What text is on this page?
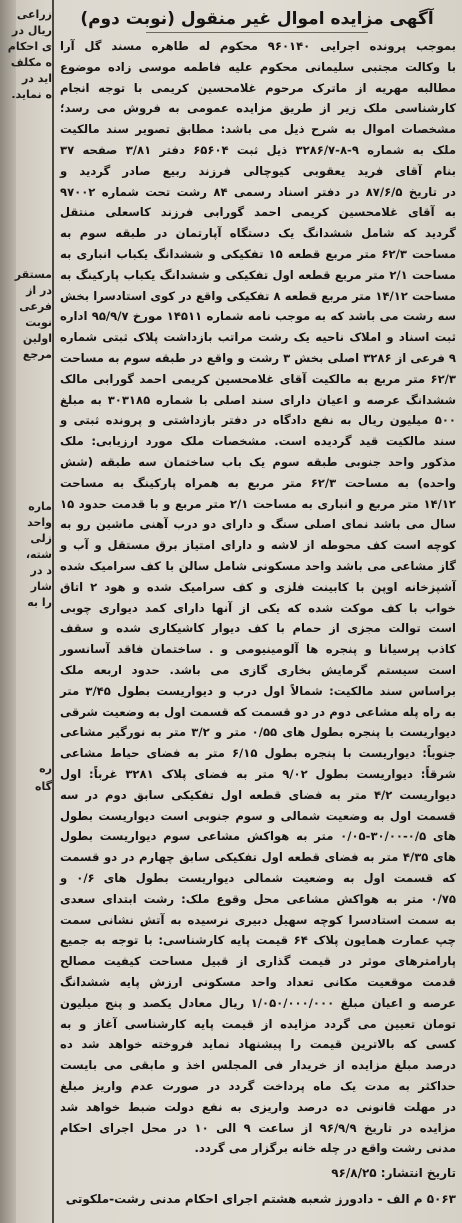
زراعی
ریال در
ی احکام
ه مکلف
اید در
ه نماید.
مستقر
در از
فرعی
نوبت
اولین
مرجع
ماره
واحد
زلی
شته،
د در
شار
را به
ره
گاه
آگهی مزایده اموال غیر منقول (نوبت دوم)
بموجب پرونده اجرایی ۹۶۰۱۴۰ محکوم له طاهره مسند گل آرا
با وکالت مجتبی سلیمانی محکوم علیه فاطمه موسی زاده موضوع
مطالبه مهریه از ماترک مرحوم غلامحسین کریمی با توجه انجام
کارشناسی ملک زیر از طریق مزایده عمومی به فروش می رسد؛
مشخصات اموال به شرح ذیل می باشد: مطابق تصویر سند مالکیت
ملک به شماره ۹-۸-۳۲۸۶/۷ ذیل ثبت ۶۵۶۰۴ دفتر ۳/۸۱ صفحه ۳۷
بنام آقای فرید یعقوبی کیوچالی فرزند ربیع صادر گردید و
در تاریخ ۸۷/۶/۵ در دفتر اسناد رسمی ۸۴ رشت تحت شماره ۹۷۰۰۲
به آقای غلامحسین کریمی احمد گورابی فرزند کاسعلی منتقل
گردید که شامل ششدانگ یک دستگاه آپارتمان در طبقه سوم به
مساحت ۶۲/۳ متر مربع قطعه ۱۵ تفکیکی و ششدانگ یکباب انباری به
مساحت ۲/۱ متر مربع قطعه اول تفکیکی و ششدانگ یکباب پارکینگ به
مساحت ۱۴/۱۲ متر مربع قطعه ۸ تفکیکی واقع در کوی استادسرا بخش
سه رشت می باشد که به موجب نامه شماره ۱۴۵۱۱ مورخ ۹۵/۹/۷ اداره
ثبت اسناد و املاک ناحیه یک رشت مراتب بازداشت پلاک ثبتی شماره
۹ فرعی از ۳۲۸۶ اصلی بخش ۳ رشت و واقع در طبقه سوم به مساحت
۶۲/۳ متر مربع به مالکیت آقای غلامحسین کریمی احمد گورابی مالک
ششدانگ عرصه و اعیان دارای سند اصلی با شماره ۳۰۳۱۸۵ به مبلغ
۵۰۰ میلیون ریال به نفع دادگاه در دفتر بازداشتی و پرونده ثبتی و
سند مالکیت قید گردیده است. مشخصات ملک مورد ارزیابی: ملک
مذکور واحد جنوبی طبقه سوم یک باب ساختمان سه طبقه (شش
واحده) به مساحت ۶۲/۳ متر مربع به همراه پارکینگ به مساحت
۱۴/۱۲ متر مربع و انباری به مساحت ۲/۱ متر مربع و با قدمت حدود ۱۵
سال می باشد نمای اصلی سنگ و دارای دو درب آهنی ماشین رو به
کوچه است کف محوطه از لاشه و دارای امتیاز برق مستقل و آب و
گاز مشاعی می باشد واحد مسکونی شامل سالن با کف سرامیک شده
آشپزخانه اوپن با کابینت فلزی و کف سرامیک شده و هود ۲ اتاق
خواب با کف موکت شده که یکی از آنها دارای کمد دیواری چوبی
است توالت مجزی از حمام با کف دیوار کاشیکاری شده و سقف
کاذب پرسیانا و پنجره ها آلومینیومی و . ساختمان فاقد آسانسور
است سیستم گرمایش بخاری گازی می باشد. حدود اربعه ملک
براساس سند مالکیت: شمالاً اول درب و دیواریست بطول ۳/۴۵ متر
به راه پله مشاعی دوم در دو قسمت که قسمت اول به وضعیت شرقی
دیواریست با پنجره بطول های ۰/۵۵ متر و ۳/۲ متر به نورگیر مشاعی
جنوباً: دیواریست با پنجره بطول ۶/۱۵ متر به فضای حیاط مشاعی
شرقاً: دیواریست بطول ۹/۰۲ متر به فضای پلاک ۳۲۸۱ غرباً: اول
دیواریست ۴/۲ متر به فضای قطعه اول تفکیکی سابق دوم در سه
قسمت اول به وضعیت شمالی و سوم جنوبی است دیواریست بطول
های ۰/۵-۳۰/۰۰-۰/۰۵ متر به هواکش مشاعی سوم دیواریست بطول
های ۴/۳۵ متر به فضای قطعه اول تفکیکی سابق چهارم در دو قسمت
که قسمت اول به وضعیت شمالی دیواریست بطول های ۰/۶ و
۰/۷۵ متر به هواکش مشاعی محل وقوع ملک: رشت ابتدای سعدی
به سمت استادسرا کوچه سهیل دبیری نرسیده به آتش نشانی سمت
چپ عمارت همایون پلاک ۶۴ قیمت پایه کارشناسی: با توجه به جمیع
پارامترهای موثر در قیمت گذاری از قبیل مساحت کیفیت مصالح
قدمت موقعیت مکانی تعداد واحد مسکونی ارزش پایه ششدانگ
عرصه و اعیان مبلغ ۱/۰۵۰/۰۰۰/۰۰۰ ریال معادل یکصد و پنج میلیون
تومان تعیین می گردد مزایده از قیمت پایه کارشناسی آغاز و به
کسی که بالاترین قیمت را پیشنهاد نماید فروخته خواهد شد ده
درصد مبلغ مزایده از خریدار فی المجلس اخذ و مابقی می بایست
حداکثر به مدت یک ماه پرداخت گردد در صورت عدم واریز مبلغ
در مهلت قانونی ده درصد واریزی به نفع دولت ضبط خواهد شد
مزایده در تاریخ ۹۶/۹/۹ از ساعت ۹ الی ۱۰ در محل اجرای احکام
مدنی رشت واقع در چله خانه برگزار می گردد.
تاریخ انتشار: ۹۶/۸/۲۵
۵۰۶۳ م الف - دادورز شعبه هشتم اجرای احکام مدنی رشت-ملکوتی
